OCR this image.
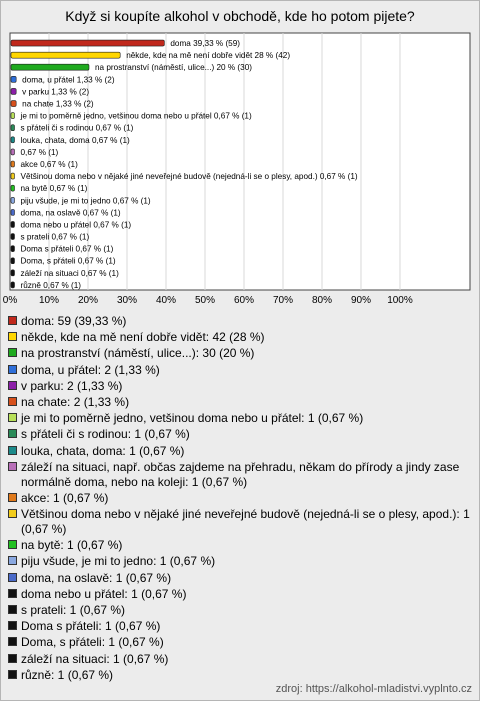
Když si koupíte alkohol v obchodě, kde ho potom pijete?
0% 10% 20% 30% 40% 50% 60% 70% 80% 90% 100%
doma 39,33 % (59)
někde, kde na mě není dobře vidět 28 % (42)
na prostranství (náměstí, ulice...) 20 % (30)
doma, u přátel 1,33 % (2)
v parku 1,33 % (2)
na chate 1,33 % (2)
je mi to poměrně jedno, vetšinou doma nebo u přátel 0,67 % (1)
s přáteli či s rodinou 0,67 % (1)
louka, chata, doma 0,67 % (1)
0,67 % (1)
akce 0,67 % (1)
Většinou doma nebo v nějaké jiné neveřejné budově (nejedná-li se o plesy, apod.) 0,67 % (1)
na bytě 0,67 % (1)
piju všude, je mi to jedno 0,67 % (1)
doma, na oslavě 0,67 % (1)
doma nebo u přátel 0,67 % (1)
s prateli 0,67 % (1)
Doma s přáteli 0,67 % (1)
Doma, s přáteli 0,67 % (1)
záleží na situaci 0,67 % (1)
různě 0,67 % (1)
doma: 59 (39,33 %)
někde, kde na mě není dobře vidět: 42 (28 %)
na prostranství (náměstí, ulice...): 30 (20 %)
doma, u přátel: 2 (1,33 %)
v parku: 2 (1,33 %)
na chate: 2 (1,33 %)
je mi to poměrně jedno, vetšinou doma nebo u přátel: 1 (0,67 %)
s přáteli či s rodinou: 1 (0,67 %)
louka, chata, doma: 1 (0,67 %)
záleží na situaci, např. občas zajdeme na přehradu, někam do přírody a jindy zase normálně doma, nebo na koleji: 1 (0,67 %)
akce: 1 (0,67 %)
Většinou doma nebo v nějaké jiné neveřejné budově (nejedná-li se o plesy, apod.): 1 (0,67 %)
na bytě: 1 (0,67 %)
piju všude, je mi to jedno: 1 (0,67 %)
doma, na oslavě: 1 (0,67 %)
doma nebo u přátel: 1 (0,67 %)
s prateli: 1 (0,67 %)
Doma s přáteli: 1 (0,67 %)
Doma, s přáteli: 1 (0,67 %)
záleží na situaci: 1 (0,67 %)
různě: 1 (0,67 %)
zdroj: https://alkohol-mladistvi.vyplnto.cz
